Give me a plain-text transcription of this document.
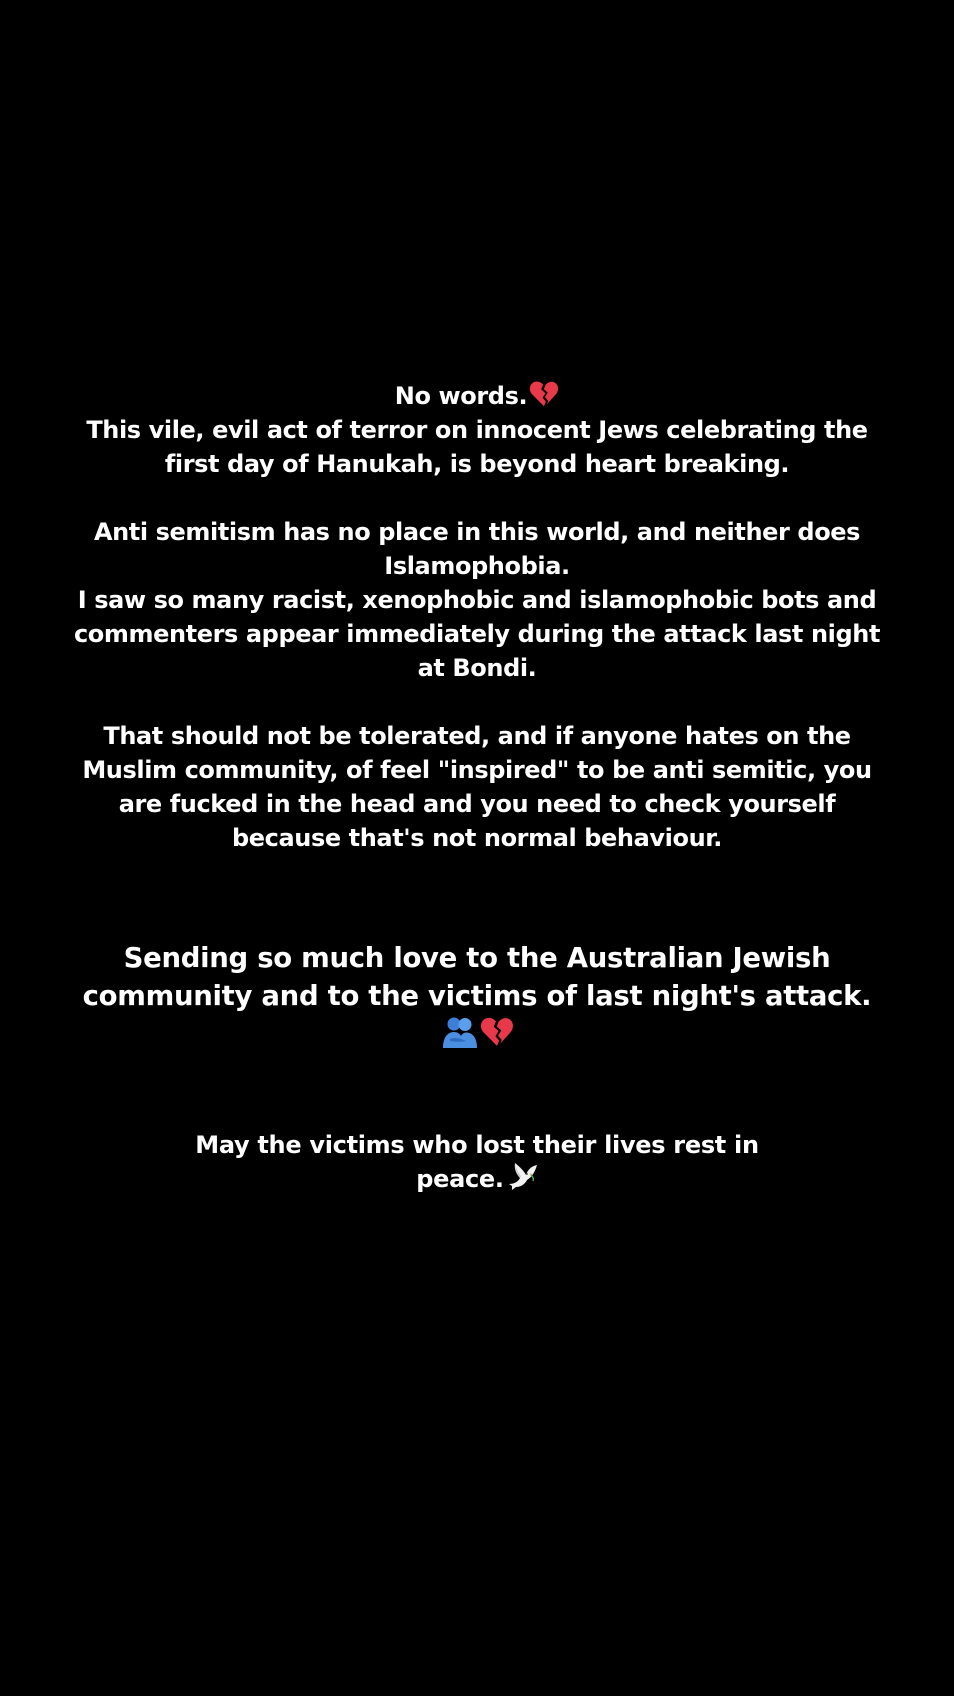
No words.
This vile, evil act of terror on innocent Jews celebrating the
first day of Hanukah, is beyond heart breaking.
Anti semitism has no place in this world, and neither does
Islamophobia.
I saw so many racist, xenophobic and islamophobic bots and
commenters appear immediately during the attack last night
at Bondi.
That should not be tolerated, and if anyone hates on the
Muslim community, of feel "inspired" to be anti semitic, you
are fucked in the head and you need to check yourself
because that's not normal behaviour.
Sending so much love to the Australian Jewish
community and to the victims of last night's attack.
May the victims who lost their lives rest in
peace.
